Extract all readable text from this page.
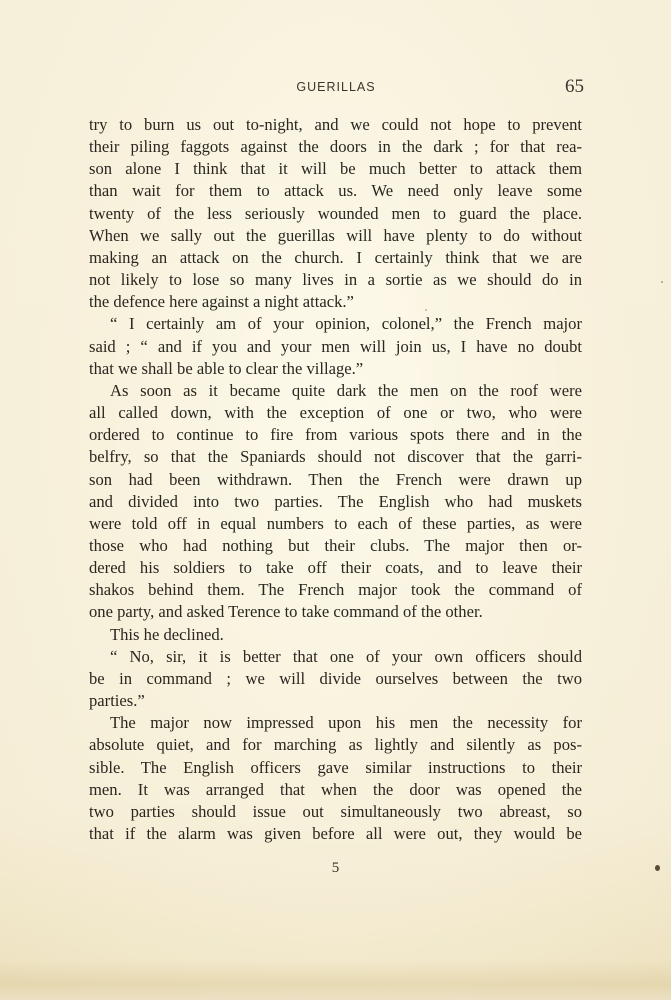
GUERILLAS	65
try to burn us out to-night, and we could not hope to prevent
their piling faggots against the doors in the dark ; for that rea-
son alone I think that it will be much better to attack them
than wait for them to attack us. We need only leave some
twenty of the less seriously wounded men to guard the place.
When we sally out the guerillas will have plenty to do without
making an attack on the church. I certainly think that we are
not likely to lose so many lives in a sortie as we should do in
the defence here against a night attack.”
“ I certainly am of your opinion, colonel,” the French major
said ; “ and if you and your men will join us, I have no doubt
that we shall be able to clear the village.”
As soon as it became quite dark the men on the roof were
all called down, with the exception of one or two, who were
ordered to continue to fire from various spots there and in the
belfry, so that the Spaniards should not discover that the garri-
son had been withdrawn. Then the French were drawn up
and divided into two parties. The English who had muskets
were told off in equal numbers to each of these parties, as were
those who had nothing but their clubs. The major then or-
dered his soldiers to take off their coats, and to leave their
shakos behind them. The French major took the command of
one party, and asked Terence to take command of the other.
This he declined.
“ No, sir, it is better that one of your own officers should
be in command ; we will divide ourselves between the two
parties.”
The major now impressed upon his men the necessity for
absolute quiet, and for marching as lightly and silently as pos-
sible. The English officers gave similar instructions to their
men. It was arranged that when the door was opened the
two parties should issue out simultaneously two abreast, so
that if the alarm was given before all were out, they would be
5
